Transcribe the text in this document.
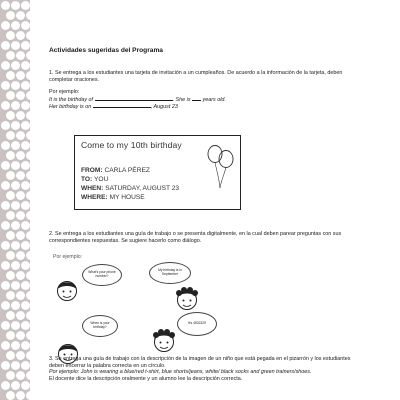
Actividades sugeridas del Programa

1. Se entrega a los estudiantes una tarjeta de invitación a un cumpleaños. De acuerdo a la información de la tarjeta, deben completar oraciones.

Por ejemplo:

It is the birthday of	. She is years old.

Her birthday is on	, August 23

Come to my 10th birthday
FROM: CARLA PÉREZ
TO: YOU
WHEN: SATURDAY, AUGUST 23
WHERE: MY HOUSE

2. Se entrega a los estudiantes una guía de trabajo o se presenta digitalmente, en la cual deben parear preguntas con sus correspondientes respuestas. Se sugiere hacerlo como diálogo.

Por ejemplo:
What's your phone number?
My birthday is in September
When is your birthday?
It's 4502329

3. Se entrega una guía de trabajo con la descripción de la imagen de un niño que está pegada en el pizarrón y los estudiantes deben encerrar la palabra correcta en un círculo.

Por ejemplo: John is wearing a blue/red t-shirt, blue shorts/jeans, white/ black socks and green trainers/shoes.

El docente dice la descripción oralmente y un alumno lee la descripción correcta.
